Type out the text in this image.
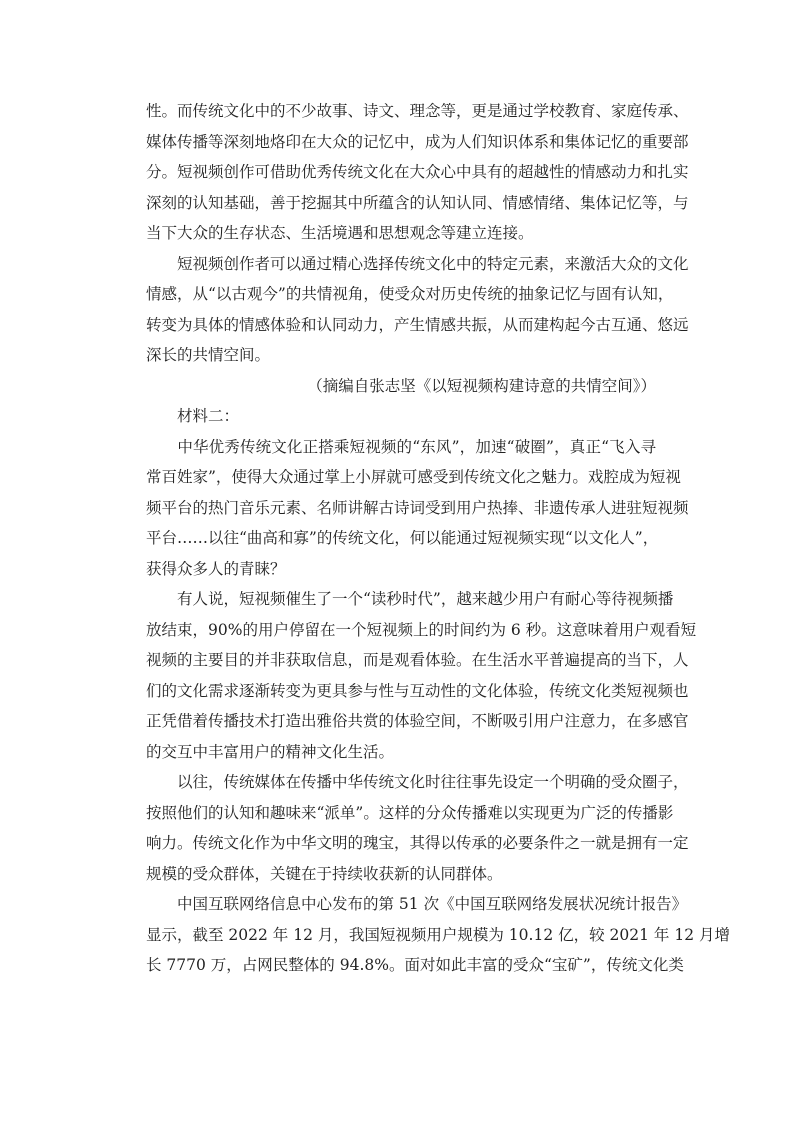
性。而传统文化中的不少故事、诗文、理念等，更是通过学校教育、家庭传承、
媒体传播等深刻地烙印在大众的记忆中，成为人们知识体系和集体记忆的重要部
分。短视频创作可借助优秀传统文化在大众心中具有的超越性的情感动力和扎实
深刻的认知基础，善于挖掘其中所蕴含的认知认同、情感情绪、集体记忆等，与
当下大众的生存状态、生活境遇和思想观念等建立连接。
　　短视频创作者可以通过精心选择传统文化中的特定元素，来激活大众的文化
情感，从“以古观今”的共情视角，使受众对历史传统的抽象记忆与固有认知，
转变为具体的情感体验和认同动力，产生情感共振，从而建构起今古互通、悠远
深长的共情空间。
（摘编自张志坚《以短视频构建诗意的共情空间》）
　　材料二：
　　中华优秀传统文化正搭乘短视频的“东风”，加速“破圈”，真正“飞入寻
常百姓家”，使得大众通过掌上小屏就可感受到传统文化之魅力。戏腔成为短视
频平台的热门音乐元素、名师讲解古诗词受到用户热捧、非遗传承人进驻短视频
平台……以往“曲高和寡”的传统文化，何以能通过短视频实现“以文化人”，
获得众多人的青睐？
　　有人说，短视频催生了一个“读秒时代”，越来越少用户有耐心等待视频播
放结束，90%的用户停留在一个短视频上的时间约为 6 秒。这意味着用户观看短
视频的主要目的并非获取信息，而是观看体验。在生活水平普遍提高的当下，人
们的文化需求逐渐转变为更具参与性与互动性的文化体验，传统文化类短视频也
正凭借着传播技术打造出雅俗共赏的体验空间，不断吸引用户注意力，在多感官
的交互中丰富用户的精神文化生活。
　　以往，传统媒体在传播中华传统文化时往往事先设定一个明确的受众圈子，
按照他们的认知和趣味来“派单”。这样的分众传播难以实现更为广泛的传播影
响力。传统文化作为中华文明的瑰宝，其得以传承的必要条件之一就是拥有一定
规模的受众群体，关键在于持续收获新的认同群体。
　　中国互联网络信息中心发布的第 51 次《中国互联网络发展状况统计报告》
显示，截至 2022 年 12 月，我国短视频用户规模为 10.12 亿，较 2021 年 12 月增
长 7770 万，占网民整体的 94.8%。面对如此丰富的受众“宝矿”，传统文化类
